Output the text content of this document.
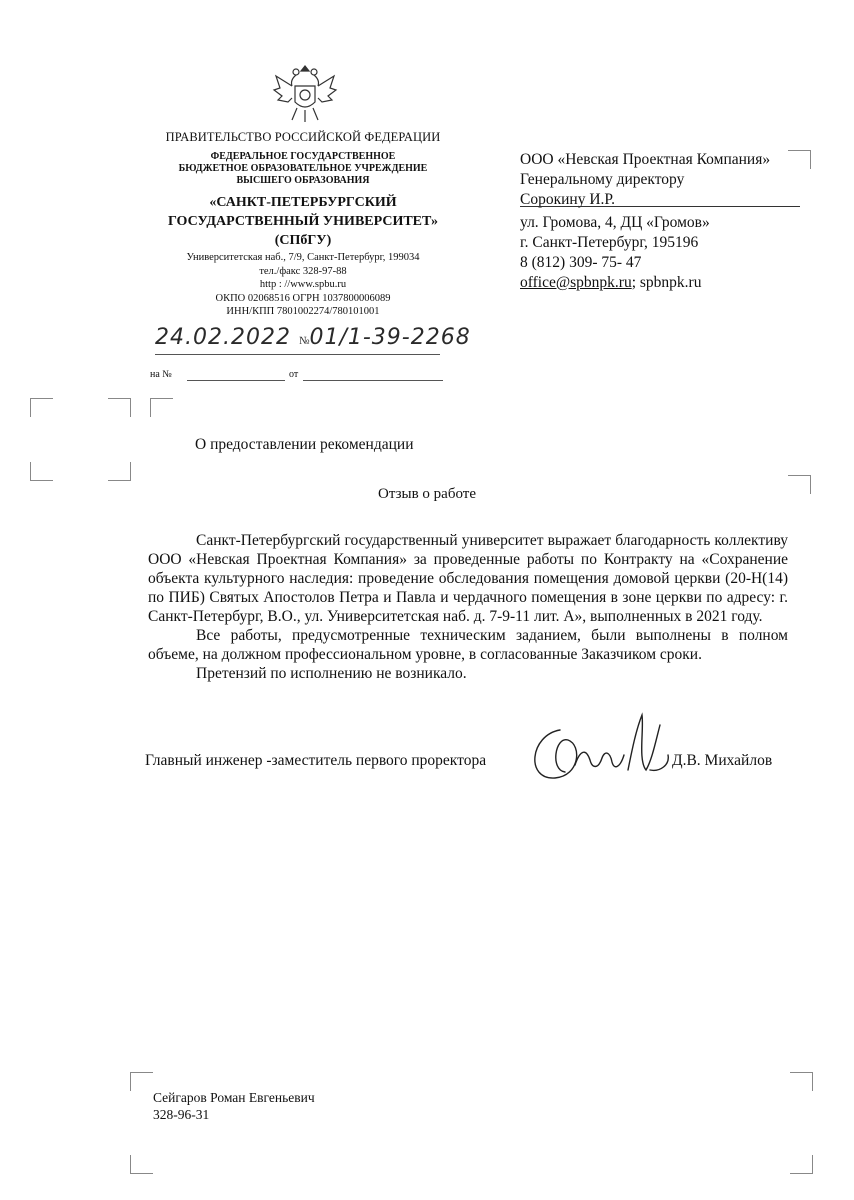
ПРАВИТЕЛЬСТВО РОССИЙСКОЙ ФЕДЕРАЦИИ
ФЕДЕРАЛЬНОЕ ГОСУДАРСТВЕННОЕ
БЮДЖЕТНОЕ ОБРАЗОВАТЕЛЬНОЕ УЧРЕЖДЕНИЕ
ВЫСШЕГО ОБРАЗОВАНИЯ
«САНКТ-ПЕТЕРБУРГСКИЙ
ГОСУДАРСТВЕННЫЙ УНИВЕРСИТЕТ»
(СПбГУ)
Университетская наб., 7/9, Санкт-Петербург, 199034
тел./факс 328-97-88
http : //www.spbu.ru
ОКПО 02068516 ОГРН 1037800006089
ИНН/КПП 7801002274/780101001
24.02.2022 №01/1-39-2268
на №	от
ООО «Невская Проектная Компания»
Генеральному директору
Сорокину И.Р.
ул. Громова, 4, ДЦ «Громов»
г. Санкт-Петербург, 195196
8 (812) 309- 75- 47
office@spbnpk.ru; spbnpk.ru
О предоставлении рекомендации
Отзыв о работе

Санкт-Петербургский государственный университет выражает благодарность коллективу ООО «Невская Проектная Компания» за проведенные работы по Контракту на «Сохранение объекта культурного наследия: проведение обследования помещения домовой церкви (20-Н(14) по ПИБ) Святых Апостолов Петра и Павла и чердачного помещения в зоне церкви по адресу: г. Санкт-Петербург, В.О., ул. Университетская наб. д. 7-9-11 лит. А», выполненных в 2021 году.

Все работы, предусмотренные техническим заданием, были выполнены в полном объеме, на должном профессиональном уровне, в согласованные Заказчиком сроки.

Претензий по исполнению не возникало.

Главный инженер -заместитель первого проректора	Д.В. Михайлов
Сейгаров Роман Евгеньевич
328-96-31
